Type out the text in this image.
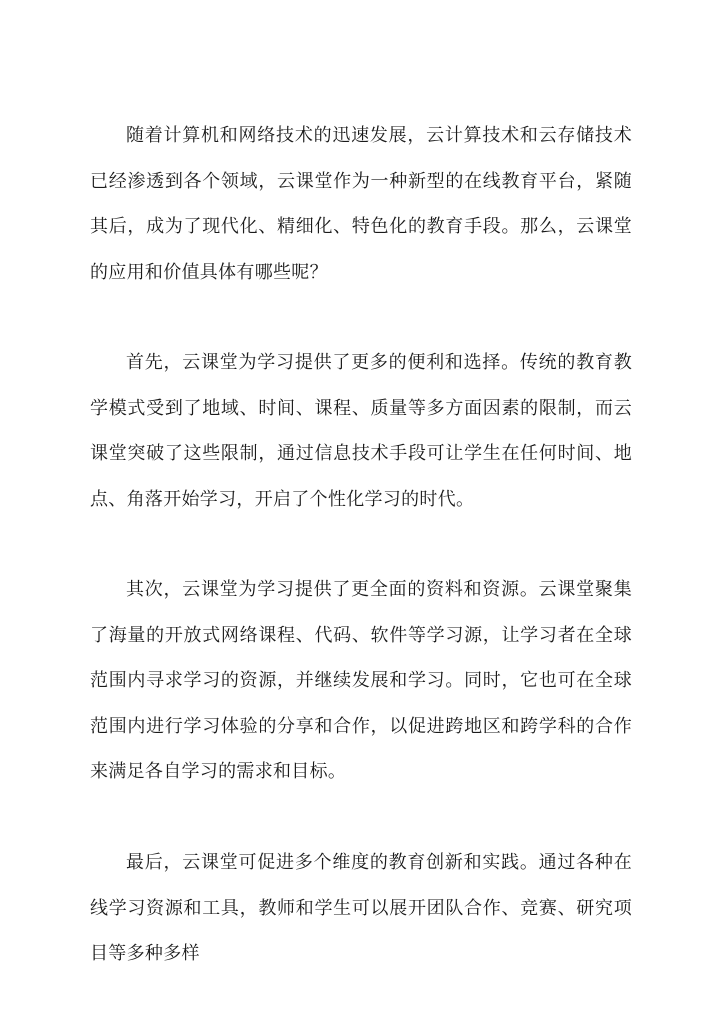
随着计算机和网络技术的迅速发展，云计算技术和云存储技术已经渗透到各个领域，云课堂作为一种新型的在线教育平台，紧随其后，成为了现代化、精细化、特色化的教育手段。那么，云课堂的应用和价值具体有哪些呢？

首先，云课堂为学习提供了更多的便利和选择。传统的教育教学模式受到了地域、时间、课程、质量等多方面因素的限制，而云课堂突破了这些限制，通过信息技术手段可让学生在任何时间、地点、角落开始学习，开启了个性化学习的时代。

其次，云课堂为学习提供了更全面的资料和资源。云课堂聚集了海量的开放式网络课程、代码、软件等学习源，让学习者在全球范围内寻求学习的资源，并继续发展和学习。同时，它也可在全球范围内进行学习体验的分享和合作，以促进跨地区和跨学科的合作来满足各自学习的需求和目标。

最后，云课堂可促进多个维度的教育创新和实践。通过各种在线学习资源和工具，教师和学生可以展开团队合作、竞赛、研究项目等多种多样
